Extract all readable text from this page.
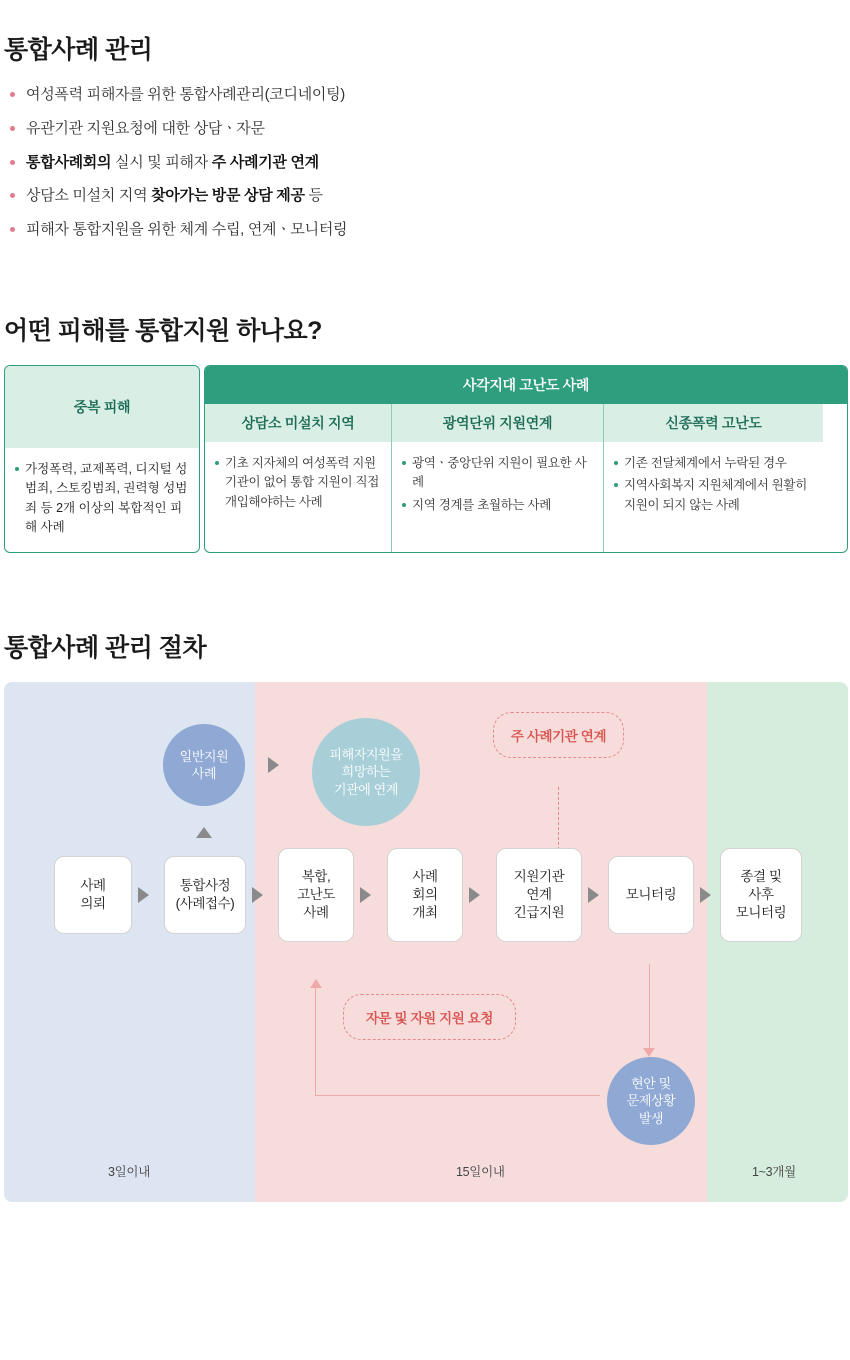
통합사례 관리
여성폭력 피해자를 위한 통합사례관리(코디네이팅)
유관기관 지원요청에 대한 상담ㆍ자문
통합사례회의 실시 및 피해자 주 사례기관 연계
상담소 미설치 지역 찾아가는 방문 상담 제공 등
피해자 통합지원을 위한 체계 수립, 연계ㆍ모니터링
어떤 피해를 통합지원 하나요?
중복 피해
가정폭력, 교제폭력, 디지털 성범죄, 스토킹범죄, 권력형 성범죄 등 2개 이상의 복합적인 피해 사례
사각지대 고난도 사례
상담소 미설치 지역	광역단위 지원연계	신종폭력 고난도
기초 지자체의 여성폭력 지원 기관이 없어 통합 지원이 직접 개입해야하는 사례
광역ㆍ중앙단위 지원이 필요한 사례
지역 경계를 초월하는 사례
기존 전달체계에서 누락된 경우
지역사회복지 지원체계에서 원활히 지원이 되지 않는 사례
통합사례 관리 절차
일반지원
사례
피해자지원을
희망하는
기관에 연계
현안 및
문제상황
발생
주 사례기관 연계
자문 및 자원 지원 요청
사례
의뢰
통합사정
(사례접수)
복합,
고난도
사례
사례
회의
개최
지원기관
연계
긴급지원
모니터링
종결 및
사후
모니터링
3일이내	15일이내	1~3개월
